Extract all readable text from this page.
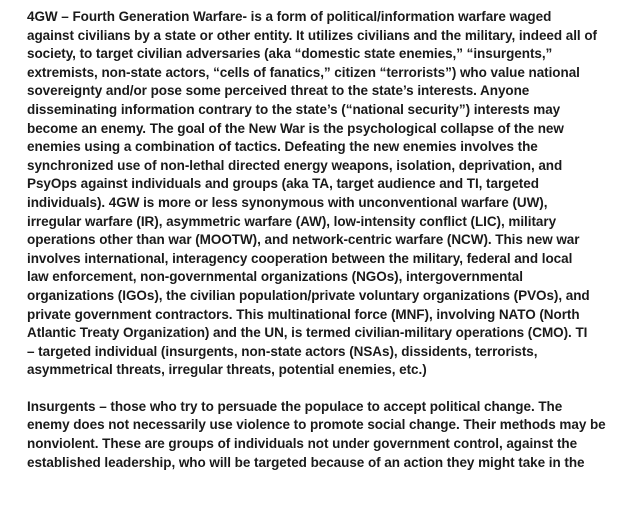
4GW – Fourth Generation Warfare- is a form of political/information warfare waged
against civilians by a state or other entity. It utilizes civilians and the military, indeed all of
society, to target civilian adversaries (aka “domestic state enemies,” “insurgents,”
extremists, non-state actors, “cells of fanatics,” citizen “terrorists”) who value national
sovereignty and/or pose some perceived threat to the state’s interests. Anyone
disseminating information contrary to the state’s (“national security”) interests may
become an enemy. The goal of the New War is the psychological collapse of the new
enemies using a combination of tactics. Defeating the new enemies involves the
synchronized use of non-lethal directed energy weapons, isolation, deprivation, and
PsyOps against individuals and groups (aka TA, target audience and TI, targeted
individuals). 4GW is more or less synonymous with unconventional warfare (UW),
irregular warfare (IR), asymmetric warfare (AW), low-intensity conflict (LIC), military
operations other than war (MOOTW), and network-centric warfare (NCW). This new war
involves international, interagency cooperation between the military, federal and local
law enforcement, non-governmental organizations (NGOs), intergovernmental
organizations (IGOs), the civilian population/private voluntary organizations (PVOs), and
private government contractors. This multinational force (MNF), involving NATO (North
Atlantic Treaty Organization) and the UN, is termed civilian-military operations (CMO). TI
– targeted individual (insurgents, non-state actors (NSAs), dissidents, terrorists,
asymmetrical threats, irregular threats, potential enemies, etc.)
Insurgents – those who try to persuade the populace to accept political change. The
enemy does not necessarily use violence to promote social change. Their methods may be
nonviolent. These are groups of individuals not under government control, against the
established leadership, who will be targeted because of an action they might take in the
